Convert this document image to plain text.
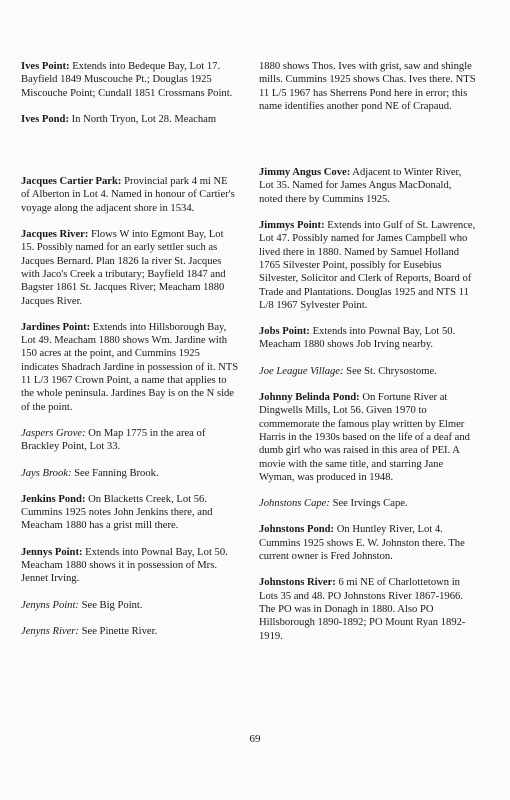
Ives Point: Extends into Bedeque Bay, Lot 17. Bayfield 1849 Muscouche Pt.; Douglas 1925 Miscouche Point; Cundall 1851 Crossmans Point.

Ives Pond: In North Tryon, Lot 28. Meacham

Jacques Cartier Park: Provincial park 4 mi NE of Alberton in Lot 4. Named in honour of Cartier's voyage along the adjacent shore in 1534.

Jacques River: Flows W into Egmont Bay, Lot 15. Possibly named for an early settler such as Jacques Bernard. Plan 1826 la river St. Jacques with Jaco's Creek a tributary; Bayfield 1847 and Bagster 1861 St. Jacques River; Meacham 1880 Jacques River.

Jardines Point: Extends into Hillsborough Bay, Lot 49. Meacham 1880 shows Wm. Jardine with 150 acres at the point, and Cummins 1925 indicates Shadrach Jardine in possession of it. NTS 11 L/3 1967 Crown Point, a name that applies to the whole peninsula. Jardines Bay is on the N side of the point.

Jaspers Grove: On Map 1775 in the area of Brackley Point, Lot 33.

Jays Brook: See Fanning Brook.

Jenkins Pond: On Blacketts Creek, Lot 56. Cummins 1925 notes John Jenkins there, and Meacham 1880 has a grist mill there.

Jennys Point: Extends into Pownal Bay, Lot 50. Meacham 1880 shows it in possession of Mrs. Jennet Irving.

Jenyns Point: See Big Point.

Jenyns River: See Pinette River.

1880 shows Thos. Ives with grist, saw and shingle mills. Cummins 1925 shows Chas. Ives there. NTS 11 L/5 1967 has Sherrens Pond here in error; this name identifies another pond NE of Crapaud.

Jimmy Angus Cove: Adjacent to Winter River, Lot 35. Named for James Angus MacDonald, noted there by Cummins 1925.

Jimmys Point: Extends into Gulf of St. Lawrence, Lot 47. Possibly named for James Campbell who lived there in 1880. Named by Samuel Holland 1765 Silvester Point, possibly for Eusebius Silvester, Solicitor and Clerk of Reports, Board of Trade and Plantations. Douglas 1925 and NTS 11 L/8 1967 Sylvester Point.

Jobs Point: Extends into Pownal Bay, Lot 50. Meacham 1880 shows Job Irving nearby.

Joe League Village: See St. Chrysostome.

Johnny Belinda Pond: On Fortune River at Dingwells Mills, Lot 56. Given 1970 to commemorate the famous play written by Elmer Harris in the 1930s based on the life of a deaf and dumb girl who was raised in this area of PEI. A movie with the same title, and starring Jane Wyman, was produced in 1948.

Johnstons Cape: See Irvings Cape.

Johnstons Pond: On Huntley River, Lot 4. Cummins 1925 shows E. W. Johnston there. The current owner is Fred Johnston.

Johnstons River: 6 mi NE of Charlottetown in Lots 35 and 48. PO Johnstons River 1867-1966. The PO was in Donagh in 1880. Also PO Hillsborough 1890-1892; PO Mount Ryan 1892-1919.

69
